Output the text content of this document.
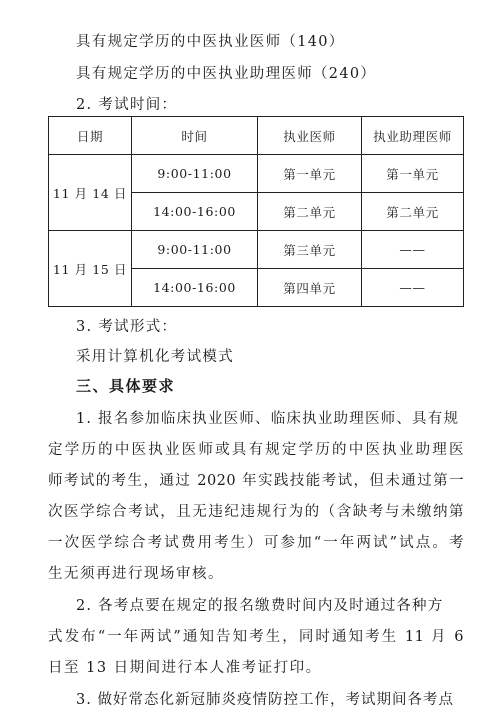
具有规定学历的中医执业医师（140）
具有规定学历的中医执业助理医师（240）
2. 考试时间：
日期	时间	执业医师	执业助理医师
11 月 14 日	9:00-11:00	第一单元	第一单元
	14:00-16:00	第二单元	第二单元
11 月 15 日	9:00-11:00	第三单元	——
	14:00-16:00	第四单元	——
3. 考试形式：
采用计算机化考试模式
三、具体要求
1. 报名参加临床执业医师、临床执业助理医师、具有规
定学历的中医执业医师或具有规定学历的中医执业助理医
师考试的考生，通过 2020 年实践技能考试，但未通过第一
次医学综合考试，且无违纪违规行为的（含缺考与未缴纳第
一次医学综合考试费用考生）可参加“一年两试”试点。考
生无须再进行现场审核。
2. 各考点要在规定的报名缴费时间内及时通过各种方
式发布“一年两试”通知告知考生，同时通知考生 11 月 6
日至 13 日期间进行本人准考证打印。
3. 做好常态化新冠肺炎疫情防控工作，考试期间各考点
